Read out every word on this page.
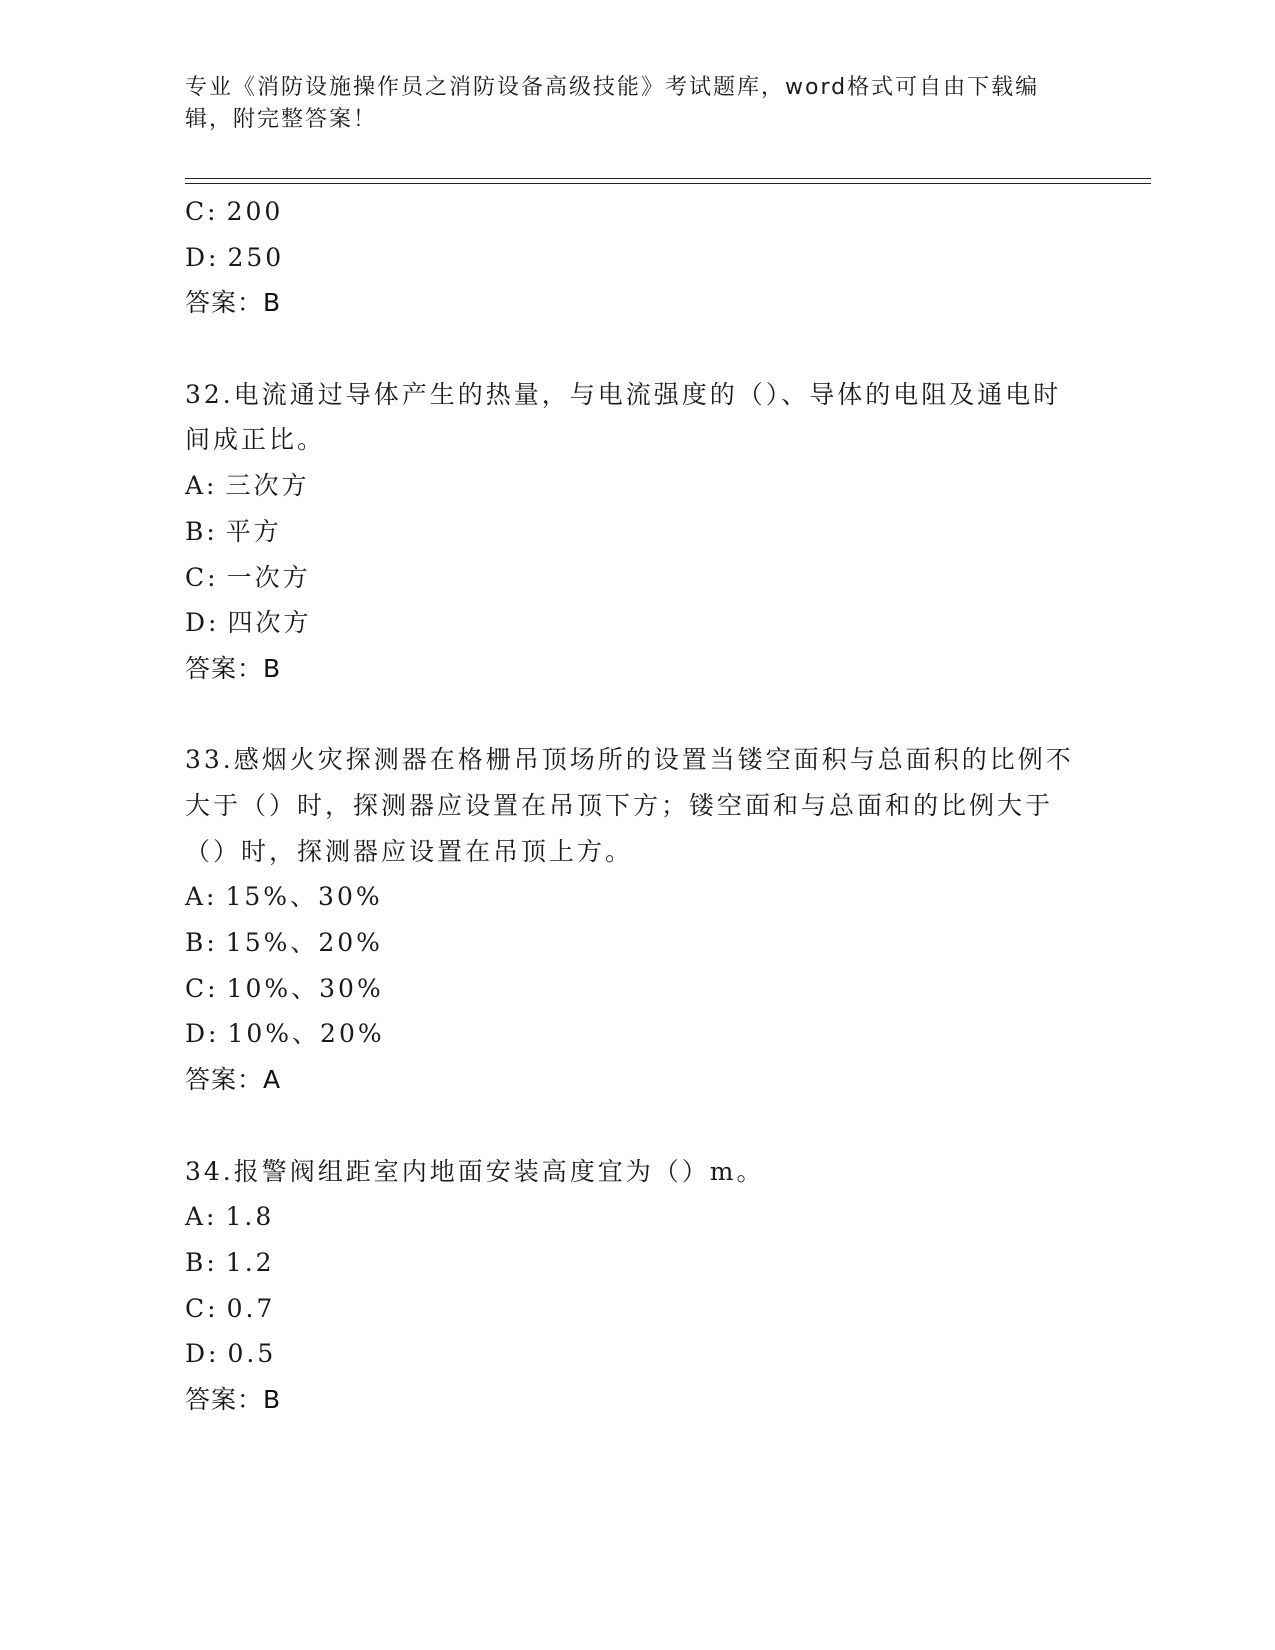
专业《消防设施操作员之消防设备高级技能》考试题库，word格式可自由下载编辑，附完整答案！
C: 200
D: 250
答案：B
32.电流通过导体产生的热量，与电流强度的（）、导体的电阻及通电时间成正比。
A: 三次方
B: 平方
C: 一次方
D: 四次方
答案：B
33.感烟火灾探测器在格栅吊顶场所的设置当镂空面积与总面积的比例不大于（）时，探测器应设置在吊顶下方；镂空面和与总面和的比例大于（）时，探测器应设置在吊顶上方。
A: 15%、30%
B: 15%、20%
C: 10%、30%
D: 10%、20%
答案：A
34.报警阀组距室内地面安装高度宜为（）m。
A: 1.8
B: 1.2
C: 0.7
D: 0.5
答案：B
